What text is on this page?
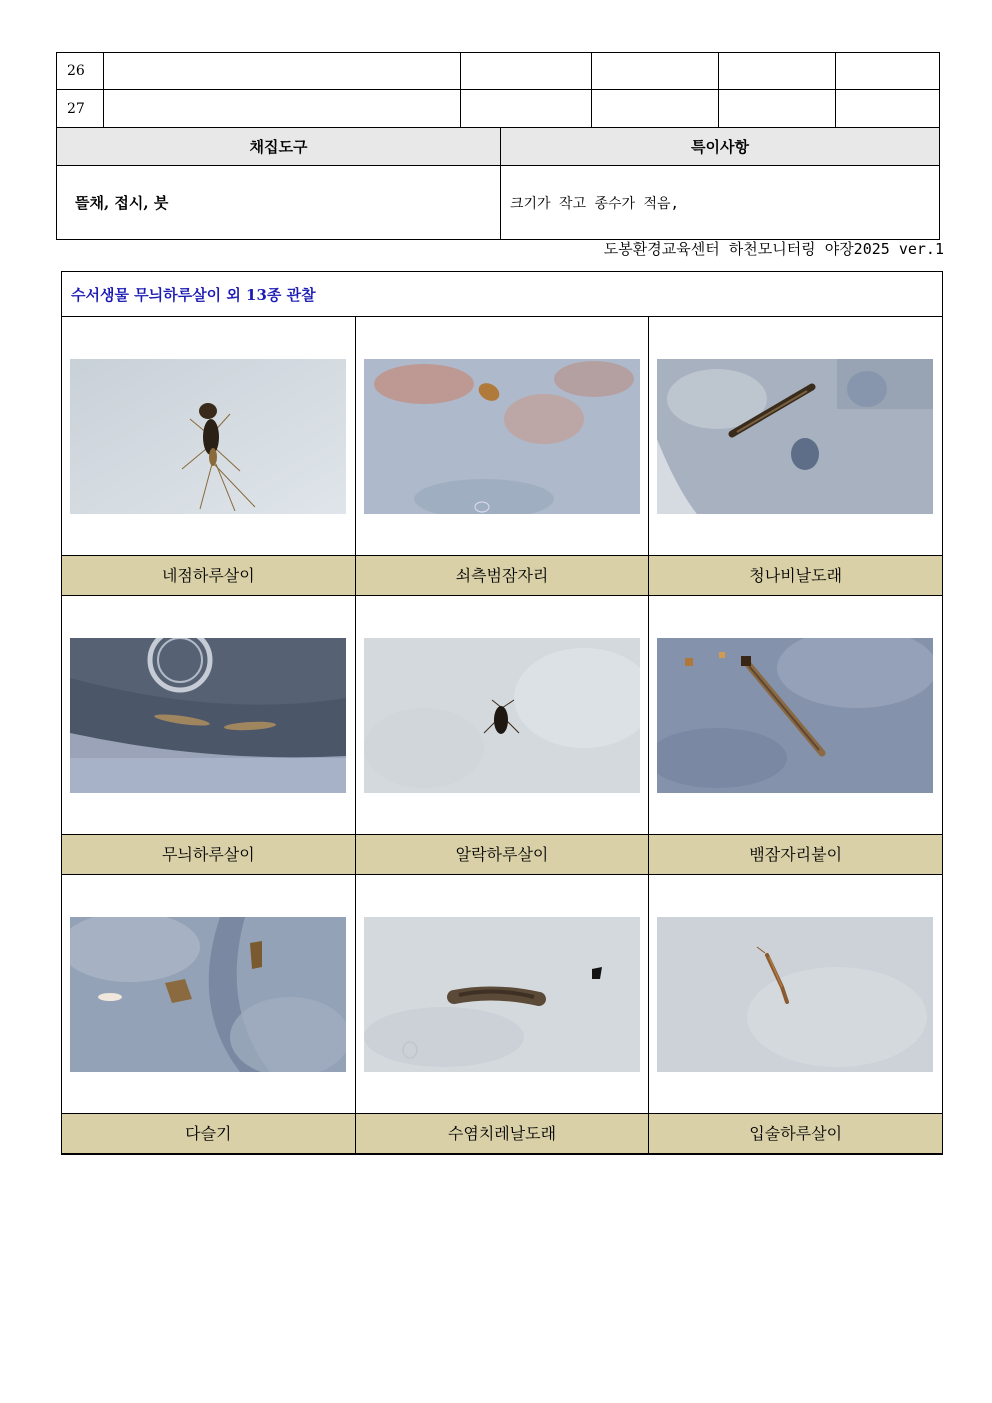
26					
27					
채집도구	특이사항
뜰채, 접시, 붓	크기가 작고 종수가 적음,
도봉환경교육센터 하천모니터링 야장2025 ver.1
수서생물 무늬하루살이 외 13종 관찰
네점하루살이	쇠측범잠자리	청나비날도래
무늬하루살이	알락하루살이	뱀잠자리붙이
다슬기	수염치레날도래	입술하루살이
